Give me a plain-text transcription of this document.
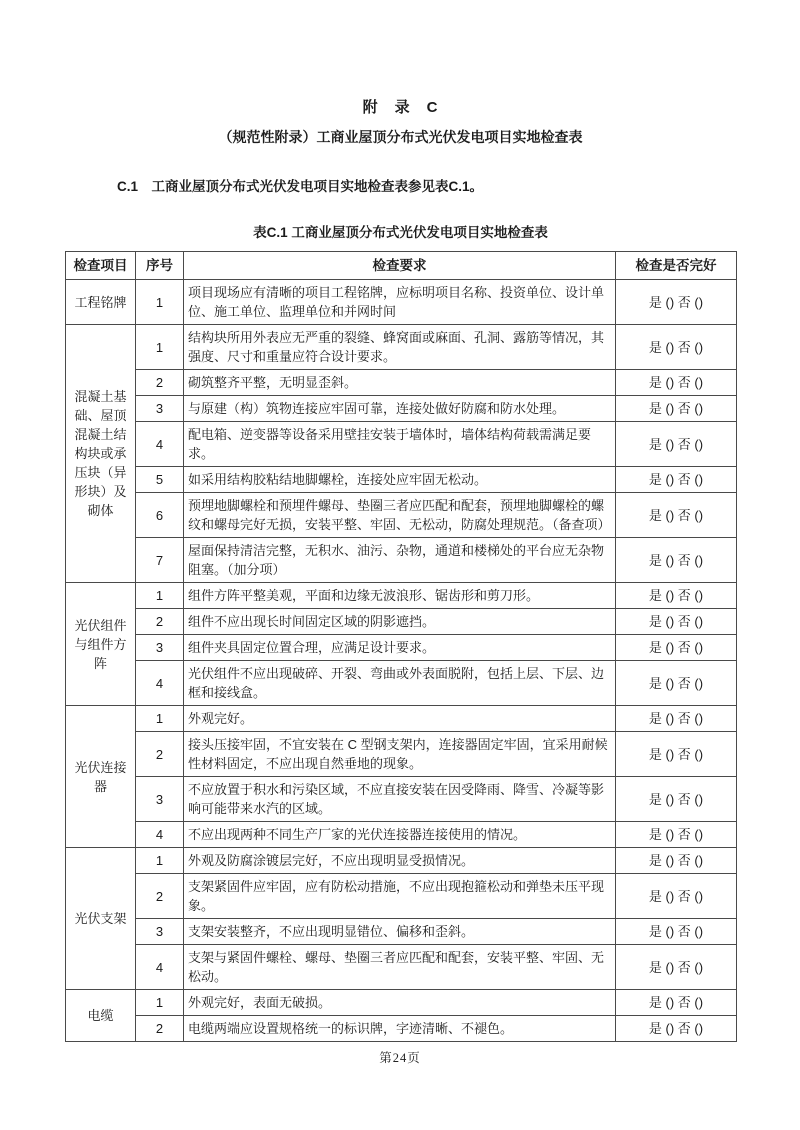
附　录　C
（规范性附录）工商业屋顶分布式光伏发电项目实地检查表
C.1　工商业屋顶分布式光伏发电项目实地检查表参见表C.1。
表C.1 工商业屋顶分布式光伏发电项目实地检查表
检查项目	序号	检查要求	检查是否完好
工程铭牌	1	项目现场应有清晰的项目工程铭牌，应标明项目名称、投资单位、设计单位、施工单位、监理单位和并网时间	是 () 否 ()
混凝土基础、屋顶混凝土结构块或承压块（异形块）及砌体	1	结构块所用外表应无严重的裂缝、蜂窝面或麻面、孔洞、露筋等情况，其强度、尺寸和重量应符合设计要求。	是 () 否 ()
	2	砌筑整齐平整，无明显歪斜。	是 () 否 ()
	3	与原建（构）筑物连接应牢固可靠，连接处做好防腐和防水处理。	是 () 否 ()
	4	配电箱、逆变器等设备采用壁挂安装于墙体时，墙体结构荷载需满足要求。	是 () 否 ()
	5	如采用结构胶粘结地脚螺栓，连接处应牢固无松动。	是 () 否 ()
	6	预埋地脚螺栓和预埋件螺母、垫圈三者应匹配和配套，预埋地脚螺栓的螺纹和螺母完好无损，安装平整、牢固、无松动，防腐处理规范。（备查项）	是 () 否 ()
	7	屋面保持清洁完整，无积水、油污、杂物，通道和楼梯处的平台应无杂物阻塞。（加分项）	是 () 否 ()
光伏组件与组件方阵	1	组件方阵平整美观，平面和边缘无波浪形、锯齿形和剪刀形。	是 () 否 ()
	2	组件不应出现长时间固定区域的阴影遮挡。	是 () 否 ()
	3	组件夹具固定位置合理，应满足设计要求。	是 () 否 ()
	4	光伏组件不应出现破碎、开裂、弯曲或外表面脱附，包括上层、下层、边框和接线盒。	是 () 否 ()
光伏连接器	1	外观完好。	是 () 否 ()
	2	接头压接牢固，不宜安装在 C 型钢支架内，连接器固定牢固，宜采用耐候性材料固定，不应出现自然垂地的现象。	是 () 否 ()
	3	不应放置于积水和污染区域，不应直接安装在因受降雨、降雪、冷凝等影响可能带来水汽的区域。	是 () 否 ()
	4	不应出现两种不同生产厂家的光伏连接器连接使用的情况。	是 () 否 ()
光伏支架	1	外观及防腐涂镀层完好，不应出现明显受损情况。	是 () 否 ()
	2	支架紧固件应牢固，应有防松动措施，不应出现抱箍松动和弹垫未压平现象。	是 () 否 ()
	3	支架安装整齐，不应出现明显错位、偏移和歪斜。	是 () 否 ()
	4	支架与紧固件螺栓、螺母、垫圈三者应匹配和配套，安装平整、牢固、无松动。	是 () 否 ()
电缆	1	外观完好，表面无破损。	是 () 否 ()
	2	电缆两端应设置规格统一的标识牌，字迹清晰、不褪色。	是 () 否 ()
第24页
